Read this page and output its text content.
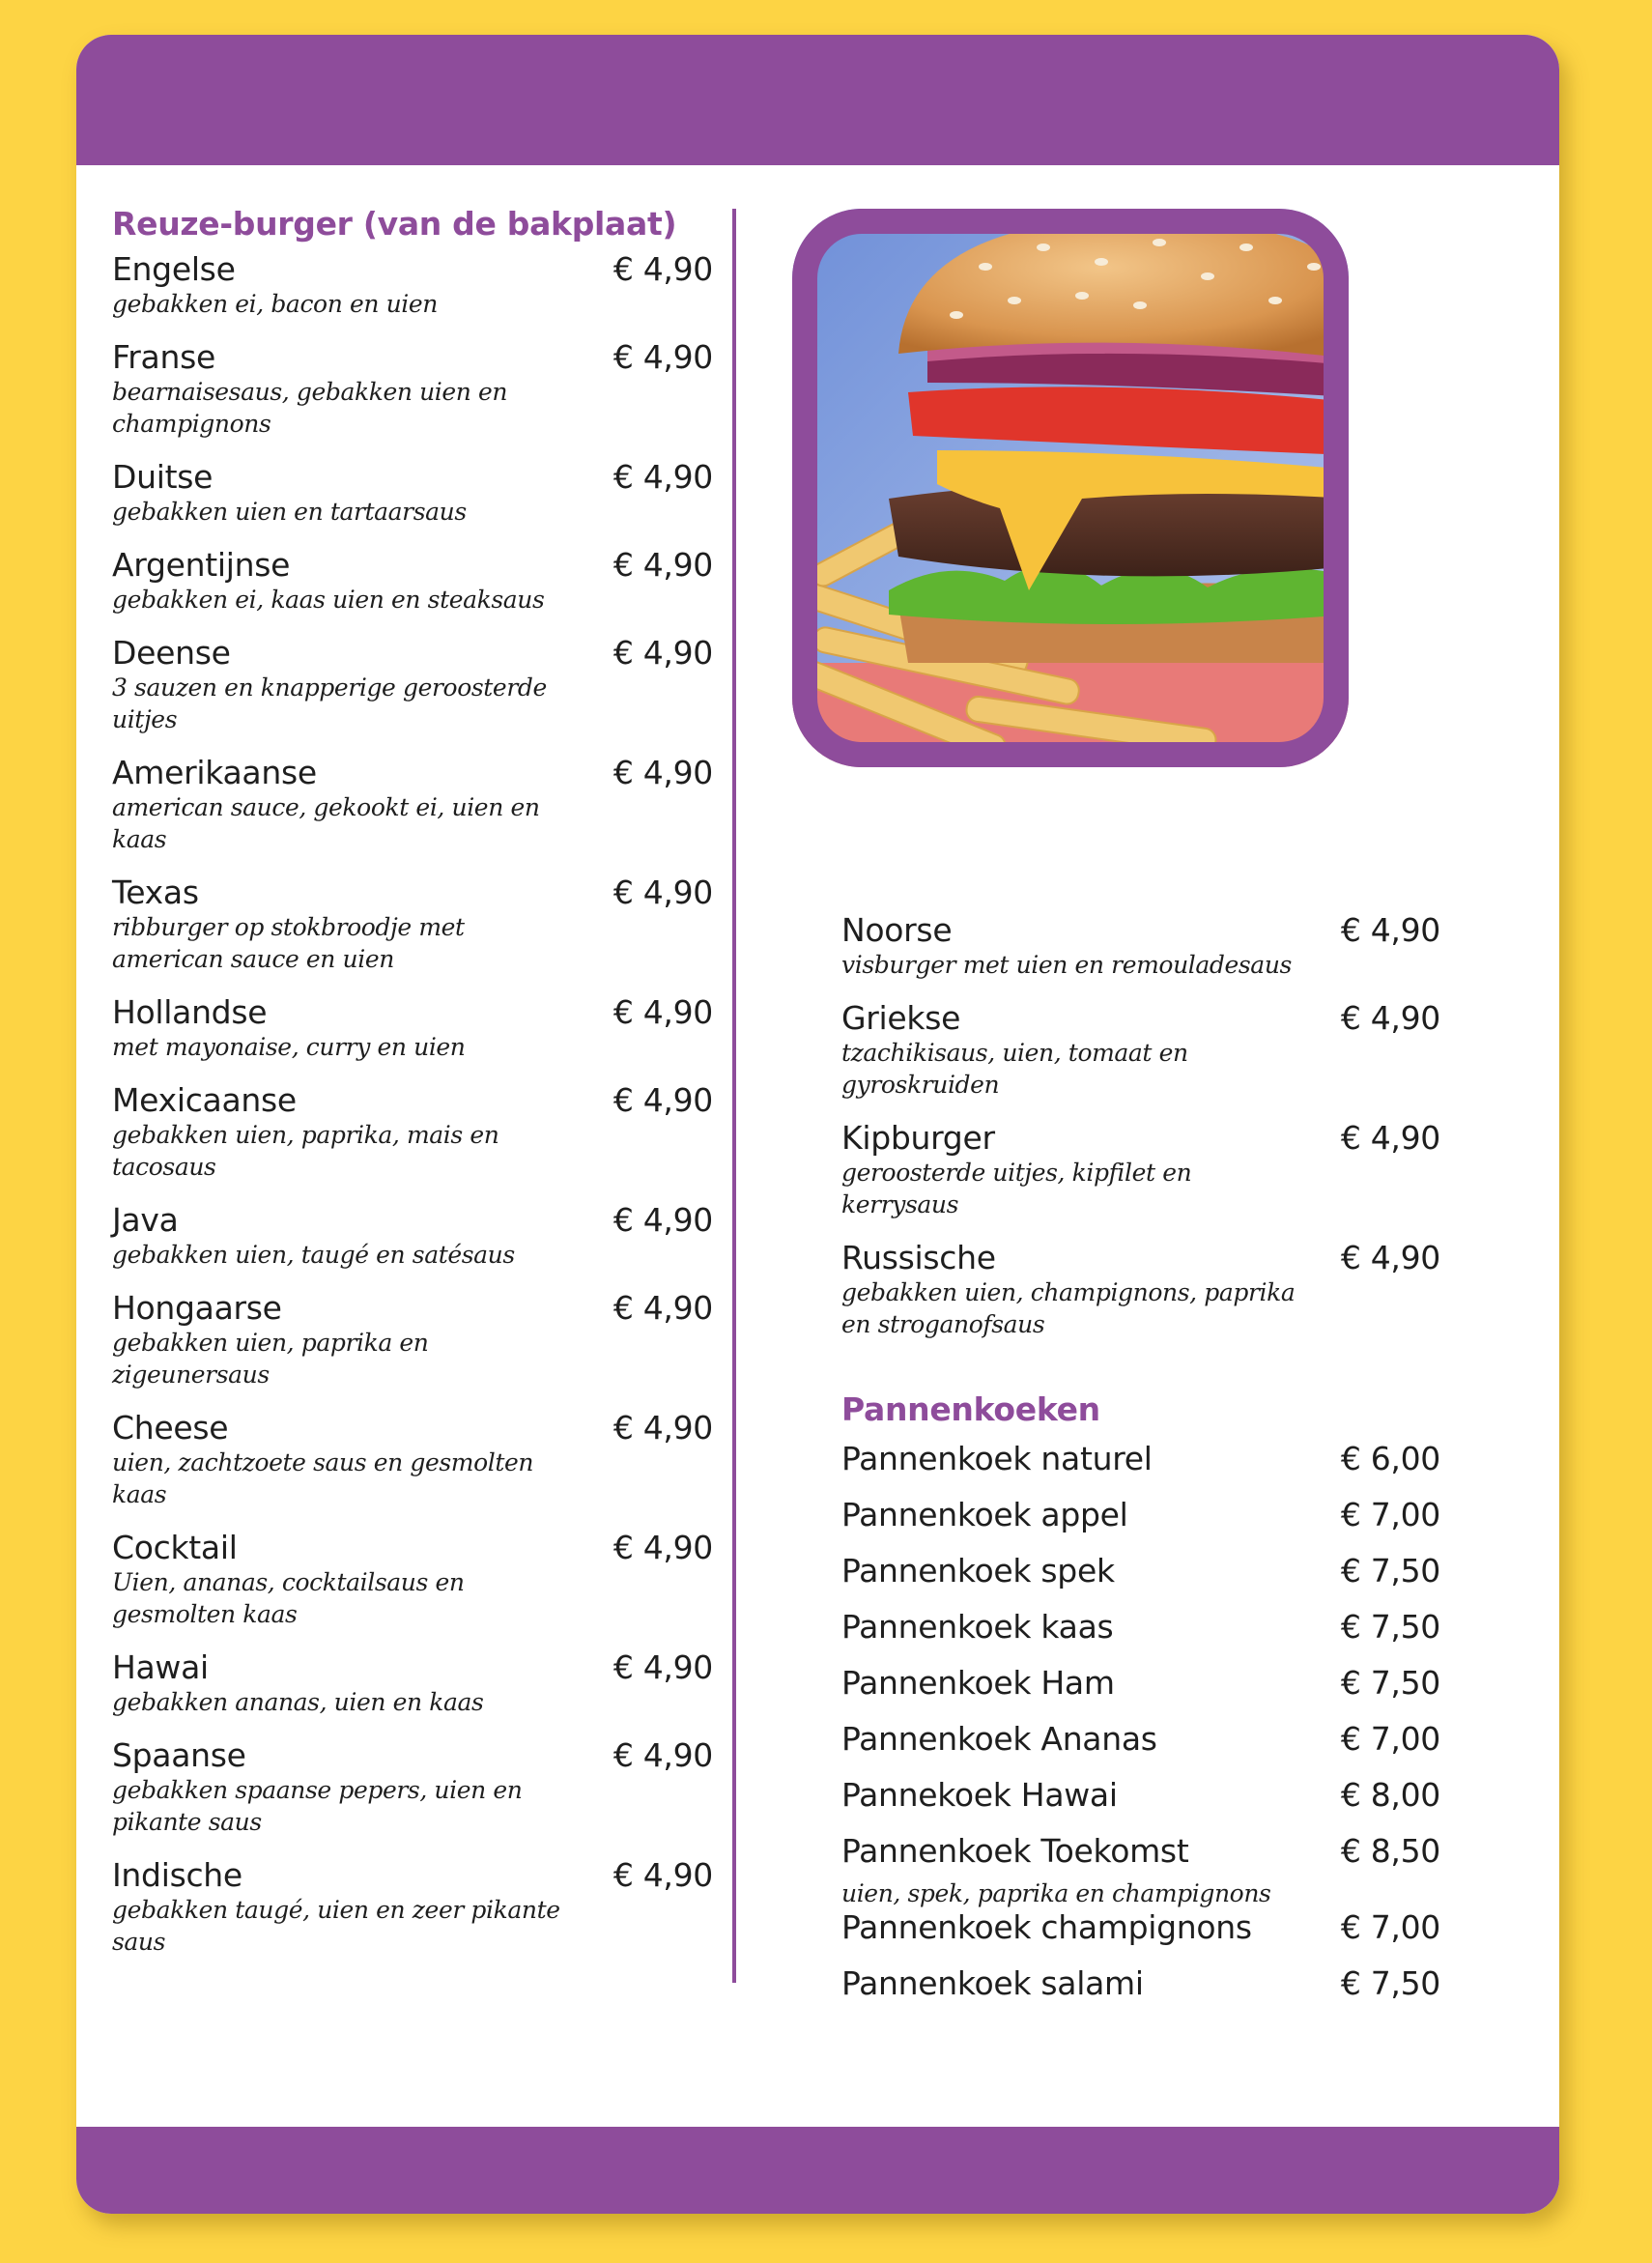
Reuze-burger (van de bakplaat)
Engelse	€ 4,90
gebakken ei, bacon en uien
Franse	€ 4,90
bearnaisesaus, gebakken uien en champignons
Duitse	€ 4,90
gebakken uien en tartaarsaus
Argentijnse	€ 4,90
gebakken ei, kaas uien en steaksaus
Deense	€ 4,90
3 sauzen en knapperige geroosterde uitjes
Amerikaanse	€ 4,90
american sauce, gekookt ei, uien en kaas
Texas	€ 4,90
ribburger op stokbroodje met american sauce en uien
Hollandse	€ 4,90
met mayonaise, curry en uien
Mexicaanse	€ 4,90
gebakken uien, paprika, mais en tacosaus
Java	€ 4,90
gebakken uien, taugé en satésaus
Hongaarse	€ 4,90
gebakken uien, paprika en zigeunersaus
Cheese	€ 4,90
uien, zachtzoete saus en gesmolten kaas
Cocktail	€ 4,90
Uien, ananas, cocktailsaus en gesmolten kaas
Hawai	€ 4,90
gebakken ananas, uien en kaas
Spaanse	€ 4,90
gebakken spaanse pepers, uien en pikante saus
Indische	€ 4,90
gebakken taugé, uien en zeer pikante saus
Noorse	€ 4,90
visburger met uien en remouladesaus
Griekse	€ 4,90
tzachikisaus, uien, tomaat en gyroskruiden
Kipburger	€ 4,90
geroosterde uitjes, kipfilet en kerrysaus
Russische	€ 4,90
gebakken uien, champignons, paprika en stroganofsaus
Pannenkoeken
Pannenkoek naturel	€ 6,00
Pannenkoek appel	€ 7,00
Pannenkoek spek	€ 7,50
Pannenkoek kaas	€ 7,50
Pannenkoek Ham	€ 7,50
Pannenkoek Ananas	€ 7,00
Pannekoek Hawai	€ 8,00
Pannenkoek Toekomst	€ 8,50
uien, spek, paprika en champignons
Pannenkoek champignons	€ 7,00
Pannenkoek salami	€ 7,50
